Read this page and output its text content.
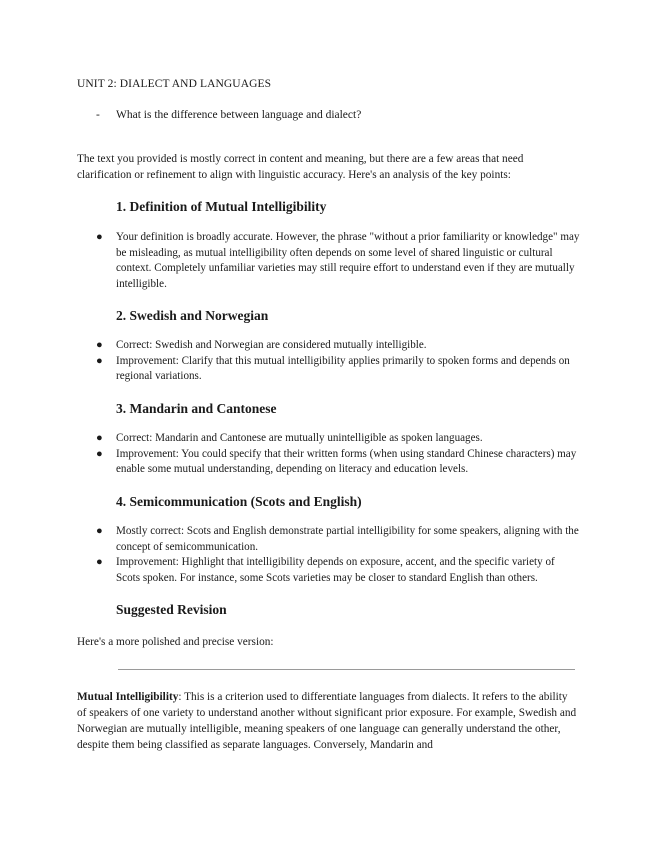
UNIT 2: DIALECT AND LANGUAGES
- What is the difference between language and dialect?
The text you provided is mostly correct in content and meaning, but there are a few areas that need clarification or refinement to align with linguistic accuracy. Here's an analysis of the key points:
1. Definition of Mutual Intelligibility
● Your definition is broadly accurate. However, the phrase "without a prior familiarity or knowledge" may be misleading, as mutual intelligibility often depends on some level of shared linguistic or cultural context. Completely unfamiliar varieties may still require effort to understand even if they are mutually intelligible.
2. Swedish and Norwegian
● Correct: Swedish and Norwegian are considered mutually intelligible.
● Improvement: Clarify that this mutual intelligibility applies primarily to spoken forms and depends on regional variations.
3. Mandarin and Cantonese
● Correct: Mandarin and Cantonese are mutually unintelligible as spoken languages.
● Improvement: You could specify that their written forms (when using standard Chinese characters) may enable some mutual understanding, depending on literacy and education levels.
4. Semicommunication (Scots and English)
● Mostly correct: Scots and English demonstrate partial intelligibility for some speakers, aligning with the concept of semicommunication.
● Improvement: Highlight that intelligibility depends on exposure, accent, and the specific variety of Scots spoken. For instance, some Scots varieties may be closer to standard English than others.
Suggested Revision
Here's a more polished and precise version:
Mutual Intelligibility: This is a criterion used to differentiate languages from dialects. It refers to the ability of speakers of one variety to understand another without significant prior exposure. For example, Swedish and Norwegian are mutually intelligible, meaning speakers of one language can generally understand the other, despite them being classified as separate languages. Conversely, Mandarin and
